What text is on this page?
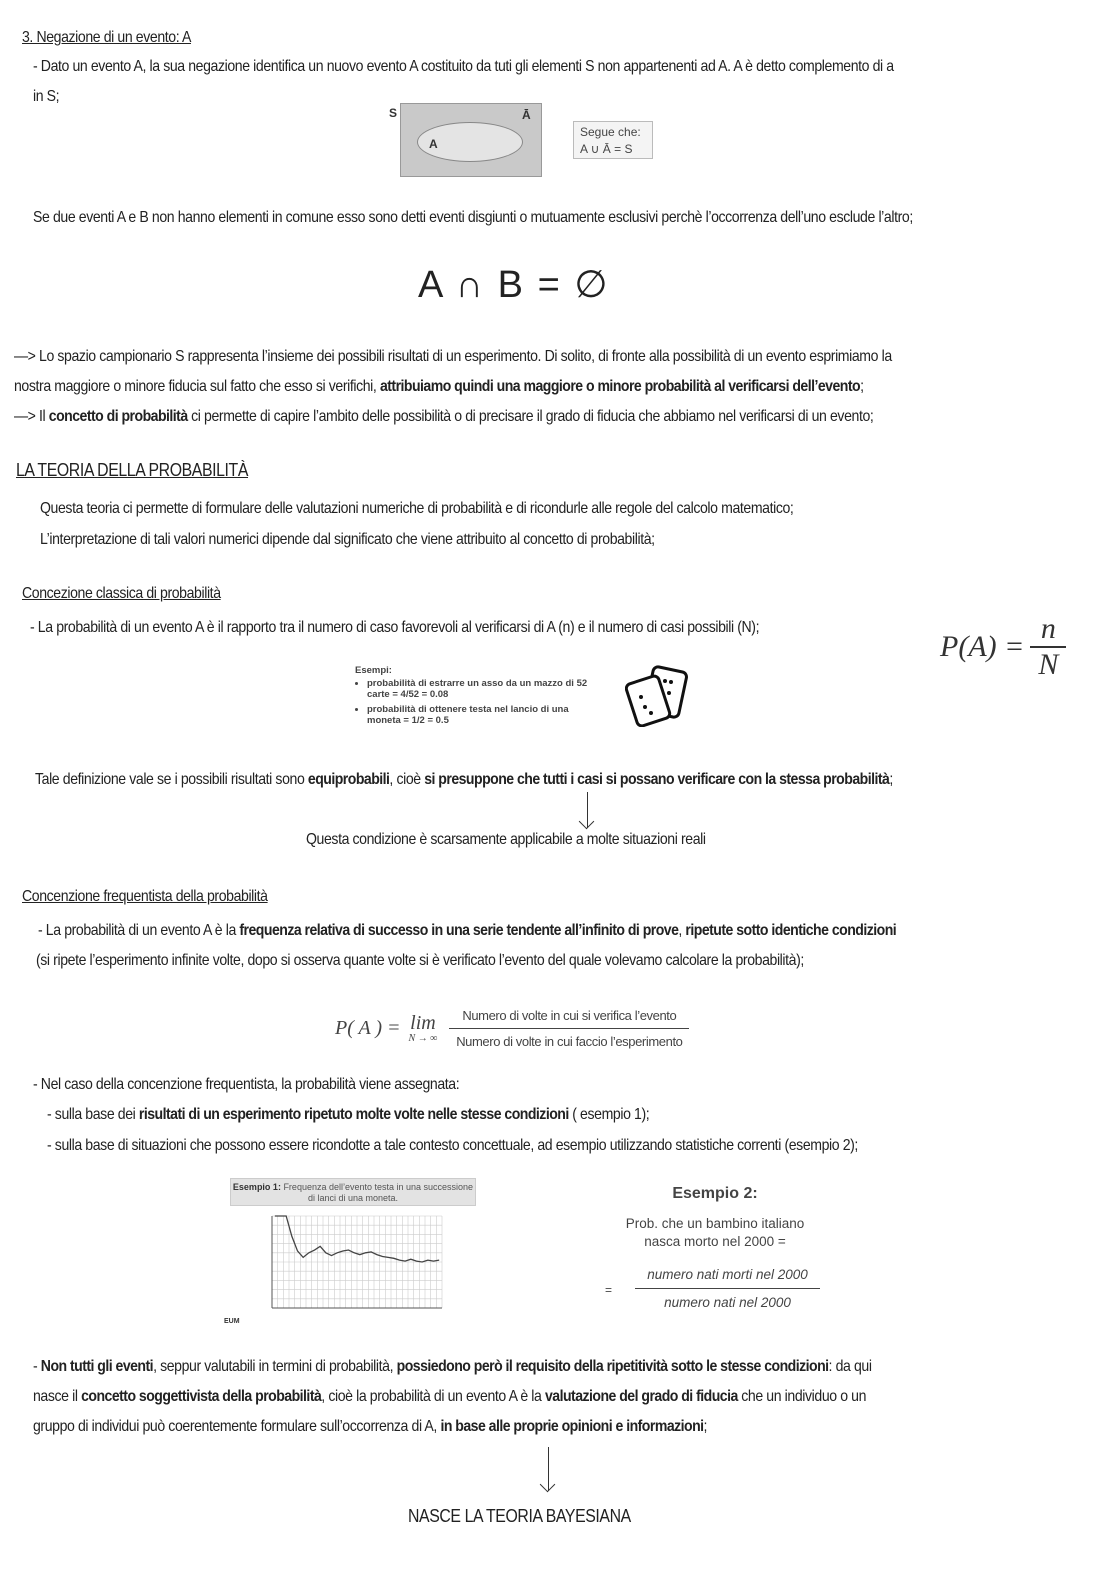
3. Negazione di un evento: A
- Dato un evento A, la sua negazione identifica un nuovo evento A costituito da tuti gli elementi S non appartenenti ad A. A è detto complemento di a
in S;
S
A
Ā
Segue che:
A ∪ Ā = S
Se due eventi A e B non hanno elementi in comune esso sono detti eventi disgiunti o mutuamente esclusivi perchè l’occorrenza dell’uno esclude l’altro;
A ∩ B = ∅
—> Lo spazio campionario S rappresenta l’insieme dei possibili risultati di un esperimento. Di solito, di fronte alla possibilità di un evento esprimiamo la
nostra maggiore o minore fiducia sul fatto che esso si verifichi, attribuiamo quindi una maggiore o minore probabilità al verificarsi dell’evento;
—> Il concetto di probabilità ci permette di capire l’ambito delle possibilità o di precisare il grado di fiducia che abbiamo nel verificarsi di un evento;
LA TEORIA DELLA PROBABILITÀ
Questa teoria ci permette di formulare delle valutazioni numeriche di probabilità e di ricondurle alle regole del calcolo matematico;
L’interpretazione di tali valori numerici dipende dal significato che viene attribuito al concetto di probabilità;
Concezione classica di probabilità
- La probabilità di un evento A è il rapporto tra il numero di caso favorevoli al verificarsi di A (n) e il numero di casi possibili (N);
$P(A) = \frac{n}{N}$
Esempi:
• probabilità di estrarre un asso da un mazzo di 52 carte = 4/52 = 0.08
• probabilità di ottenere testa nel lancio di una moneta = 1/2 = 0.5
Tale definizione vale se i possibili risultati sono equiprobabili, cioè si presuppone che tutti i casi si possano verificare con la stessa probabilità;
Questa condizione è scarsamente applicabile a molte situazioni reali
Concenzione frequentista della probabilità
- La probabilità di un evento A è la frequenza relativa di successo in una serie tendente all’infinito di prove, ripetute sotto identiche condizioni
(si ripete l’esperimento infinite volte, dopo si osserva quante volte si è verificato l’evento del quale volevamo calcolare la probabilità);
P( A ) = lim
N → ∞
Numero di volte in cui si verifica l’evento
Numero di volte in cui faccio l’esperimento
- Nel caso della concenzione frequentista, la probabilità viene assegnata:
- sulla base dei risultati di un esperimento ripetuto molte volte nelle stesse condizioni ( esempio 1);
- sulla base di situazioni che possono essere ricondotte a tale contesto concettuale, ad esempio utilizzando statistiche correnti (esempio 2);
Esempio 1: Frequenza dell’evento testa in una successione di lanci di una moneta.
EUM
Esempio 2:
Prob. che un bambino italiano nasca morto nel 2000 =
=
numero nati morti nel 2000
numero nati nel 2000
- Non tutti gli eventi, seppur valutabili in termini di probabilità, possiedono però il requisito della ripetitività sotto le stesse condizioni: da qui
nasce il concetto soggettivista della probabilità, cioè la probabilità di un evento A è la valutazione del grado di fiducia che un individuo o un
gruppo di individui può coerentemente formulare sull’occorrenza di A, in base alle proprie opinioni e informazioni;
NASCE LA TEORIA BAYESIANA
